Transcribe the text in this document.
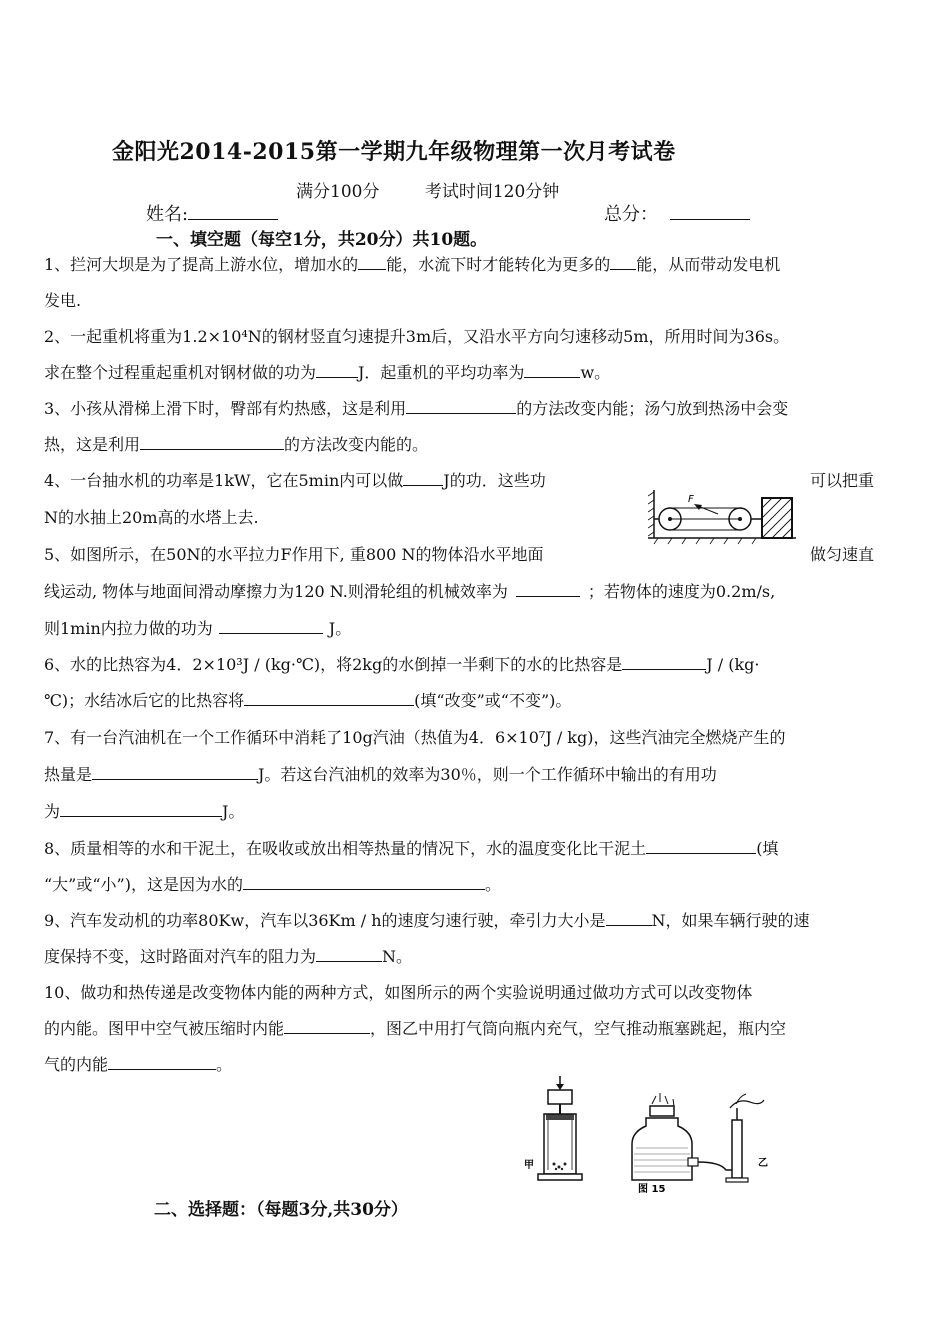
金阳光2014-2015第一学期九年级物理第一次月考试卷
满分100分	考试时间120分钟
姓名:	总分：
一、填空题（每空1分，共20分）共10题。
1、拦河大坝是为了提高上游水位，增加水的 能，水流下时才能转化为更多的 能，从而带动发电机
发电.
2、一起重机将重为1.2×10⁴N的钢材竖直匀速提升3m后，又沿水平方向匀速移动5m，所用时间为36s。
求在整个过程重起重机对钢材做的功为	J．起重机的平均功率为	w。
3、小孩从滑梯上滑下时，臀部有灼热感，这是利用	的方法改变内能；汤勺放到热汤中会变
热，这是利用	的方法改变内能的。
4、一台抽水机的功率是1kW，它在5min内可以做	J的功．这些功	可以把重
N的水抽上20m高的水塔上去.
F
5、如图所示，在50N的水平拉力F作用下, 重800 N的物体沿水平地面	做匀速直
线运动, 物体与地面间滑动摩擦力为120 N.则滑轮组的机械效率为	；若物体的速度为0.2m/s,
则1min内拉力做的功为	J。
6、水的比热容为4．2×10³J / (kg·℃)，将2kg的水倒掉一半剩下的水的比热容是	J / (kg·
℃)；水结冰后它的比热容将	(填“改变”或“不变”)。
7、有一台汽油机在一个工作循环中消耗了10g汽油（热值为4．6×10⁷J / kg)，这些汽油完全燃烧产生的
热量是	J。若这台汽油机的效率为30％，则一个工作循环中输出的有用功
为	J。
8、质量相等的水和干泥土，在吸收或放出相等热量的情况下，水的温度变化比干泥土	(填
“大”或“小”)，这是因为水的	。
9、汽车发动机的功率80Kw，汽车以36Km / h的速度匀速行驶，牵引力大小是	N，如果车辆行驶的速
度保持不变，这时路面对汽车的阻力为	N。
10、做功和热传递是改变物体内能的两种方式，如图所示的两个实验说明通过做功方式可以改变物体
的内能。图甲中空气被压缩时内能	，图乙中用打气筒向瓶内充气，空气推动瓶塞跳起，瓶内空
气的内能	。
甲	乙
图 15
二、选择题：（每题3分,共30分）
